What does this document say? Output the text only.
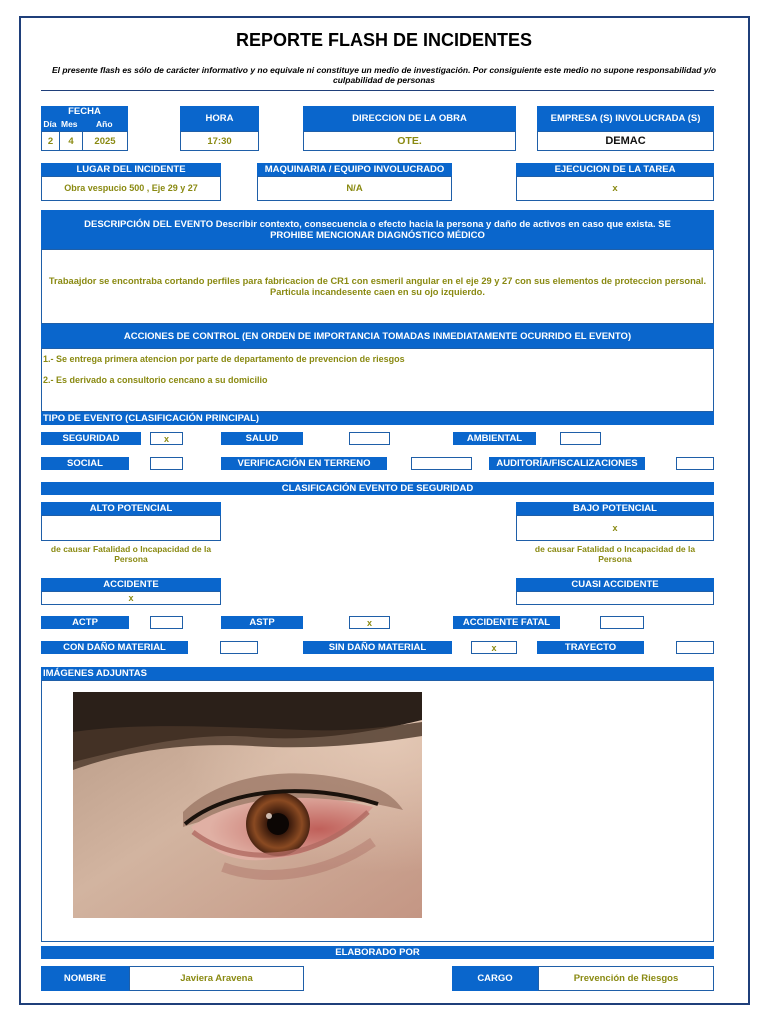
REPORTE FLASH DE INCIDENTES
El presente flash es sólo de carácter informativo y no equivale ni constituye un medio de investigación. Por consiguiente este medio no supone responsabilidad y/o culpabilidad de personas
FECHA
Día Mes	Año
2	4	2025
HORA
17:30
DIRECCION DE LA OBRA
OTE.
EMPRESA (S) INVOLUCRADA (S)
DEMAC
LUGAR DEL INCIDENTE
Obra vespucio 500 , Eje 29 y 27
MAQUINARIA / EQUIPO INVOLUCRADO
N/A
EJECUCION DE LA TAREA
x
DESCRIPCIÓN DEL EVENTO Describir contexto, consecuencia o efecto hacia la persona y daño de activos en caso que exista. SE PROHIBE MENCIONAR DIAGNÓSTICO MÉDICO
Trabaajdor se encontraba cortando perfiles para fabricacion de CR1 con esmeril angular en el eje 29 y 27 con sus elementos de proteccion personal. Particula incandesente caen en su ojo izquierdo.
ACCIONES DE CONTROL (EN ORDEN DE IMPORTANCIA TOMADAS INMEDIATAMENTE OCURRIDO EL EVENTO)
1.- Se entrega primera atencion por parte de departamento de prevencion de riesgos
2.- Es derivado a consultorio cencano a su domicilio
TIPO DE EVENTO (CLASIFICACIÓN PRINCIPAL)
SEGURIDAD	x	SALUD	AMBIENTAL
SOCIAL	VERIFICACIÓN EN TERRENO	AUDITORÍA/FISCALIZACIONES
CLASIFICACIÓN EVENTO DE SEGURIDAD
ALTO POTENCIAL
de causar Fatalidad o Incapacidad de la Persona
BAJO POTENCIAL
x
de causar Fatalidad o Incapacidad de la Persona
ACCIDENTE
x
CUASI ACCIDENTE
ACTP	ASTP	x	ACCIDENTE FATAL
CON DAÑO MATERIAL	SIN DAÑO MATERIAL	x	TRAYECTO
IMÁGENES ADJUNTAS
ELABORADO POR
NOMBRE	Javiera Aravena	CARGO	Prevención de Riesgos
